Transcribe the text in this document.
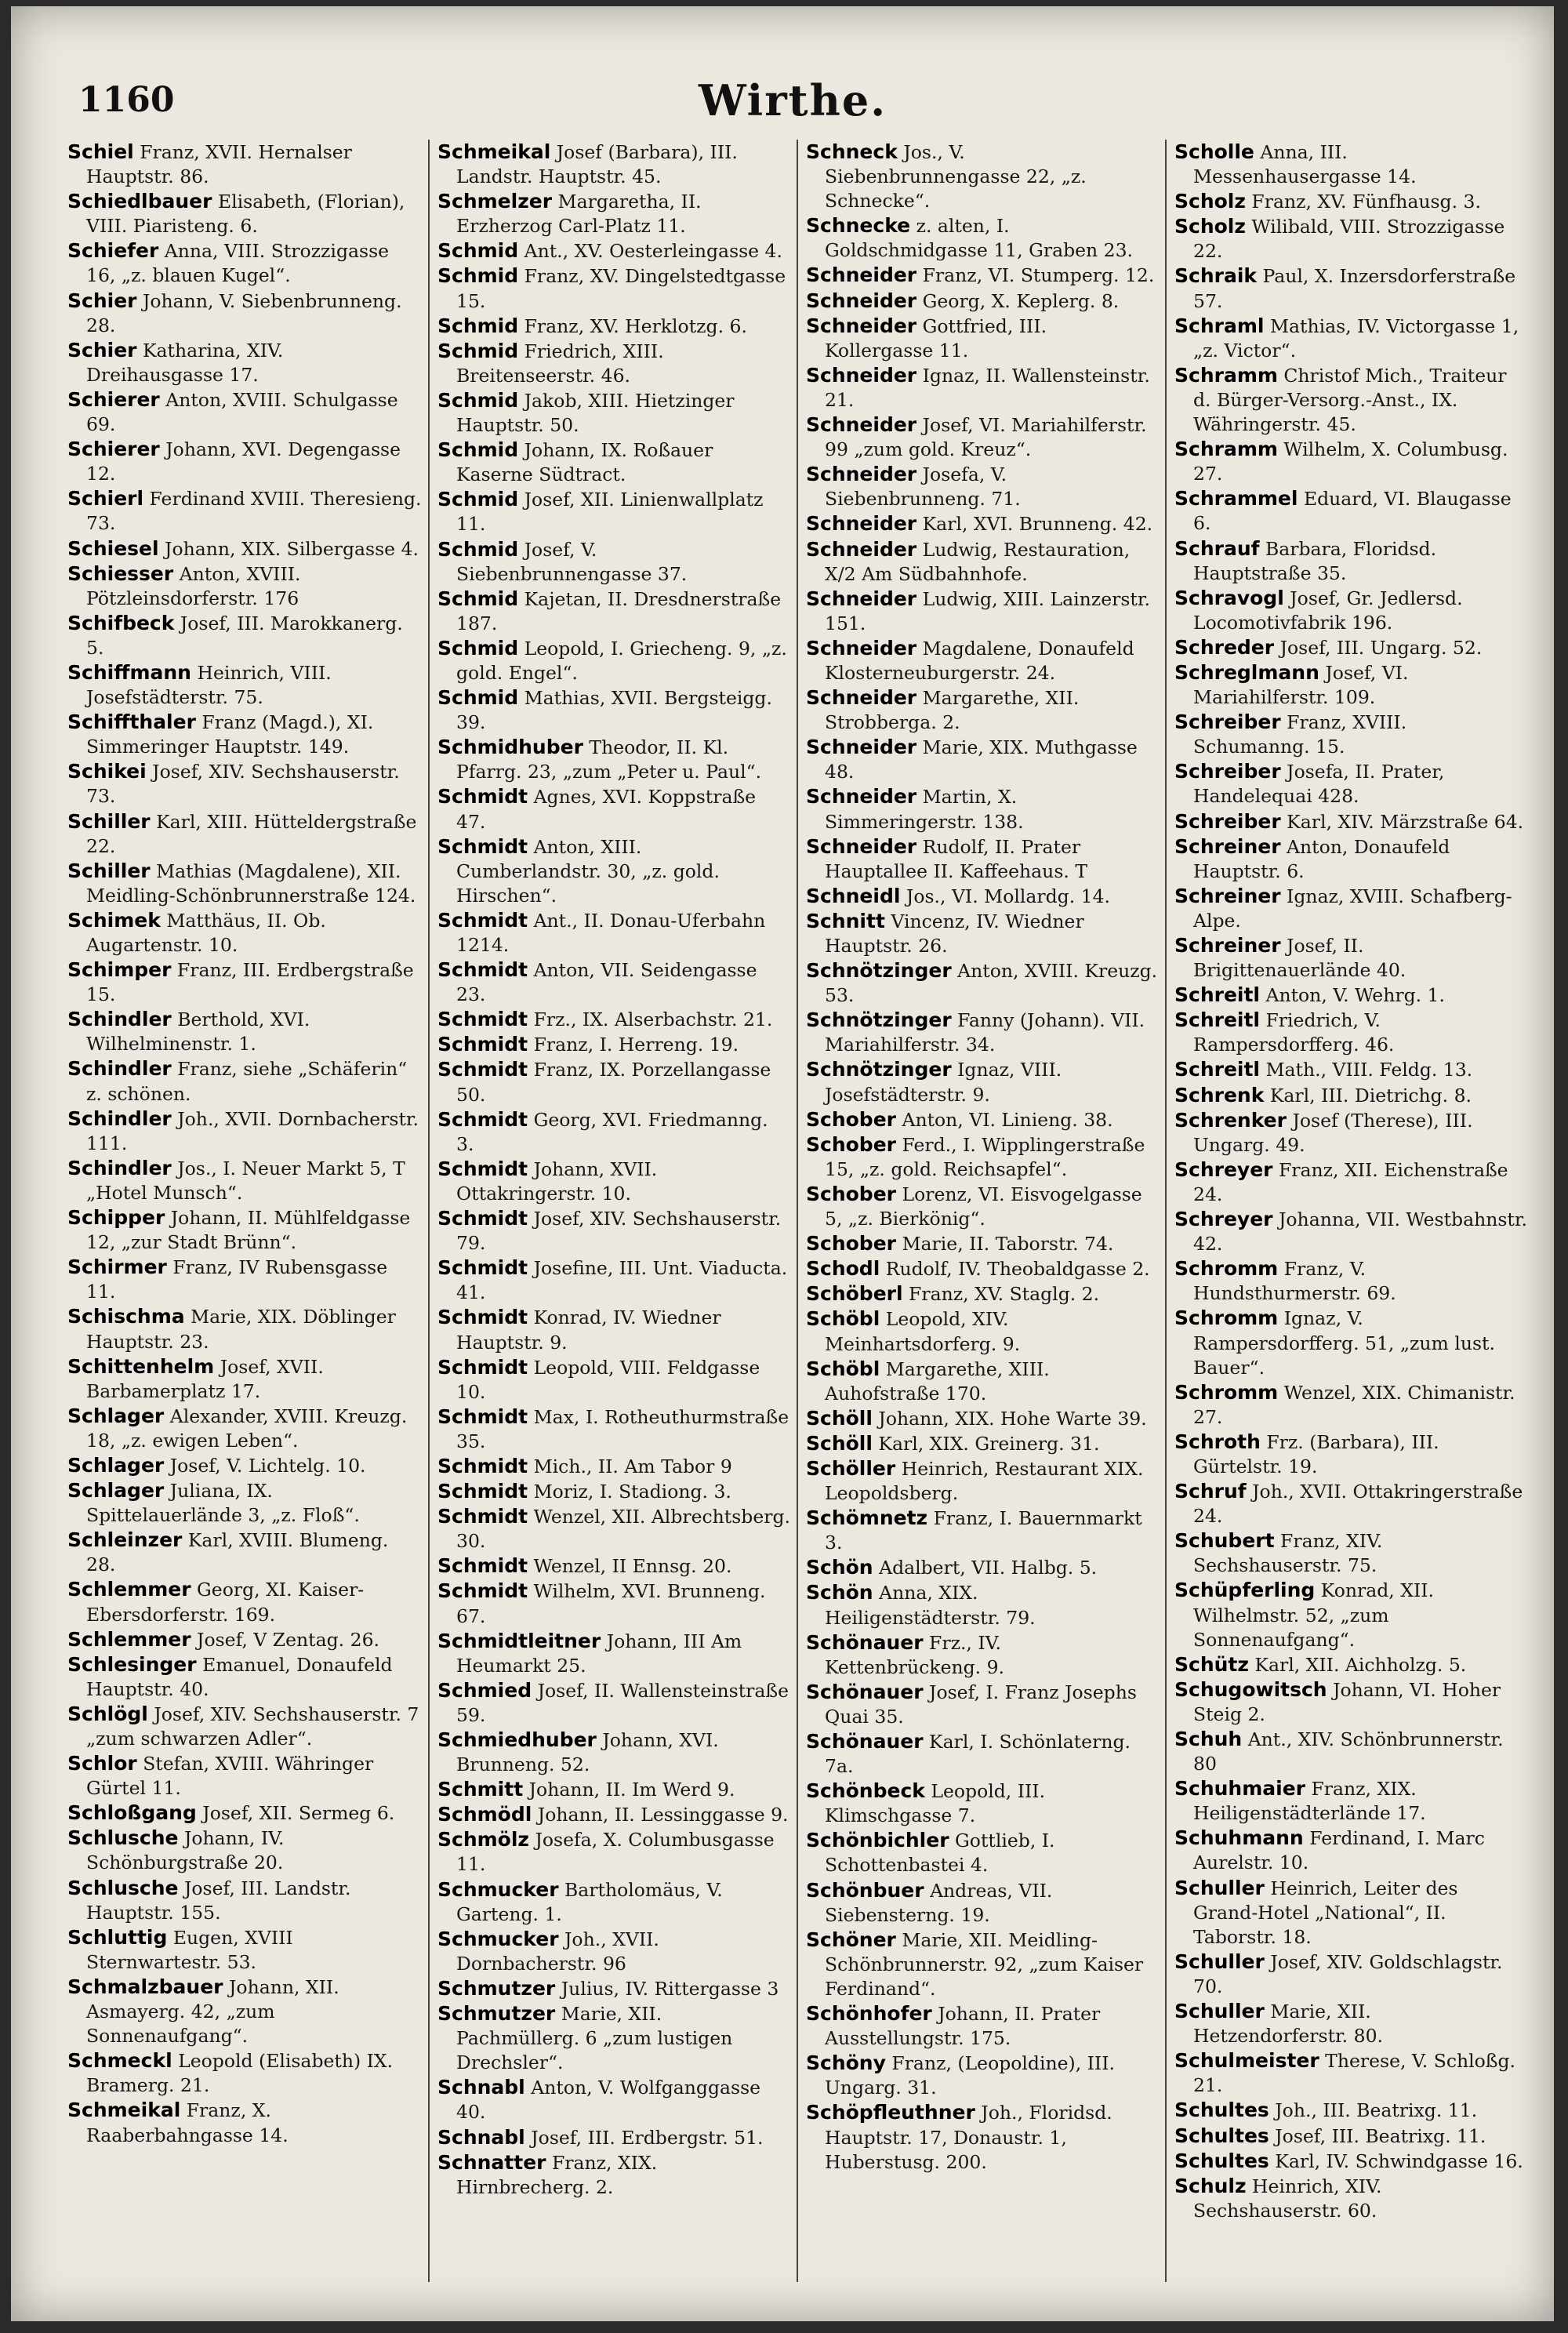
1160	Wirthe.

Schiel Franz, XVII. Hernalser Hauptstr. 86.

Schiedlbauer Elisabeth, (Florian), VIII. Piaristeng. 6.

Schiefer Anna, VIII. Strozzigasse 16, „z. blauen Kugel“.

Schier Johann, V. Siebenbrunneng. 28.

Schier Katharina, XIV. Dreihausgasse 17.

Schierer Anton, XVIII. Schulgasse 69.

Schierer Johann, XVI. Degengasse 12.

Schierl Ferdinand XVIII. Theresieng. 73.

Schiesel Johann, XIX. Silbergasse 4.

Schiesser Anton, XVIII. Pötzleinsdorferstr. 176

Schifbeck Josef, III. Marokkanerg. 5.

Schiffmann Heinrich, VIII. Josefstädterstr. 75.

Schiffthaler Franz (Magd.), XI. Simmeringer Hauptstr. 149.

Schikei Josef, XIV. Sechshauserstr. 73.

Schiller Karl, XIII. Hütteldergstraße 22.

Schiller Mathias (Magdalene), XII. Meidling-Schönbrunnerstraße 124.

Schimek Matthäus, II. Ob. Augartenstr. 10.

Schimper Franz, III. Erdbergstraße 15.

Schindler Berthold, XVI. Wilhelminenstr. 1.

Schindler Franz, siehe „Schäferin“ z. schönen.

Schindler Joh., XVII. Dornbacherstr. 111.

Schindler Jos., I. Neuer Markt 5, T „Hotel Munsch“.

Schipper Johann, II. Mühlfeldgasse 12, „zur Stadt Brünn“.

Schirmer Franz, IV Rubensgasse 11.

Schischma Marie, XIX. Döblinger Hauptstr. 23.

Schittenhelm Josef, XVII. Barbamerplatz 17.

Schlager Alexander, XVIII. Kreuzg. 18, „z. ewigen Leben“.

Schlager Josef, V. Lichtelg. 10.

Schlager Juliana, IX. Spittelauerlände 3, „z. Floß“.

Schleinzer Karl, XVIII. Blumeng. 28.

Schlemmer Georg, XI. Kaiser-Ebersdorferstr. 169.

Schlemmer Josef, V Zentag. 26.

Schlesinger Emanuel, Donaufeld Hauptstr. 40.

Schlögl Josef, XIV. Sechshauserstr. 7 „zum schwarzen Adler“.

Schlor Stefan, XVIII. Währinger Gürtel 11.

Schloßgang Josef, XII. Sermeg 6.

Schlusche Johann, IV. Schönburgstraße 20.

Schlusche Josef, III. Landstr. Hauptstr. 155.

Schluttig Eugen, XVIII Sternwartestr. 53.

Schmalzbauer Johann, XII. Asmayerg. 42, „zum Sonnenaufgang“.

Schmeckl Leopold (Elisabeth) IX. Bramerg. 21.

Schmeikal Franz, X. Raaberbahngasse 14.

Schmeikal Josef (Barbara), III. Landstr. Hauptstr. 45.

Schmelzer Margaretha, II. Erzherzog Carl-Platz 11.

Schmid Ant., XV. Oesterleingasse 4.

Schmid Franz, XV. Dingelstedtgasse 15.

Schmid Franz, XV. Herklotzg. 6.

Schmid Friedrich, XIII. Breitenseerstr. 46.

Schmid Jakob, XIII. Hietzinger Hauptstr. 50.

Schmid Johann, IX. Roßauer Kaserne Südtract.

Schmid Josef, XII. Linienwallplatz 11.

Schmid Josef, V. Siebenbrunnengasse 37.

Schmid Kajetan, II. Dresdnerstraße 187.

Schmid Leopold, I. Griecheng. 9, „z. gold. Engel“.

Schmid Mathias, XVII. Bergsteigg. 39.

Schmidhuber Theodor, II. Kl. Pfarrg. 23, „zum „Peter u. Paul“.

Schmidt Agnes, XVI. Koppstraße 47.

Schmidt Anton, XIII. Cumberlandstr. 30, „z. gold. Hirschen“.

Schmidt Ant., II. Donau-Uferbahn 1214.

Schmidt Anton, VII. Seidengasse 23.

Schmidt Frz., IX. Alserbachstr. 21.

Schmidt Franz, I. Herreng. 19.

Schmidt Franz, IX. Porzellangasse 50.

Schmidt Georg, XVI. Friedmanng. 3.

Schmidt Johann, XVII. Ottakringerstr. 10.

Schmidt Josef, XIV. Sechshauserstr. 79.

Schmidt Josefine, III. Unt. Viaducta. 41.

Schmidt Konrad, IV. Wiedner Hauptstr. 9.

Schmidt Leopold, VIII. Feldgasse 10.

Schmidt Max, I. Rotheuthurmstraße 35.

Schmidt Mich., II. Am Tabor 9

Schmidt Moriz, I. Stadiong. 3.

Schmidt Wenzel, XII. Albrechtsberg. 30.

Schmidt Wenzel, II Ennsg. 20.

Schmidt Wilhelm, XVI. Brunneng. 67.

Schmidtleitner Johann, III Am Heumarkt 25.

Schmied Josef, II. Wallensteinstraße 59.

Schmiedhuber Johann, XVI. Brunneng. 52.

Schmitt Johann, II. Im Werd 9.

Schmödl Johann, II. Lessinggasse 9.

Schmölz Josefa, X. Columbusgasse 11.

Schmucker Bartholomäus, V. Garteng. 1.

Schmucker Joh., XVII. Dornbacherstr. 96

Schmutzer Julius, IV. Rittergasse 3

Schmutzer Marie, XII. Pachmüllerg. 6 „zum lustigen Drechsler“.

Schnabl Anton, V. Wolfganggasse 40.

Schnabl Josef, III. Erdbergstr. 51.

Schnatter Franz, XIX. Hirnbrecherg. 2.

Schneck Jos., V. Siebenbrunnengasse 22, „z. Schnecke“.

Schnecke z. alten, I. Goldschmidgasse 11, Graben 23.

Schneider Franz, VI. Stumperg. 12.

Schneider Georg, X. Keplerg. 8.

Schneider Gottfried, III. Kollergasse 11.

Schneider Ignaz, II. Wallensteinstr. 21.

Schneider Josef, VI. Mariahilferstr. 99 „zum gold. Kreuz“.

Schneider Josefa, V. Siebenbrunneng. 71.

Schneider Karl, XVI. Brunneng. 42.

Schneider Ludwig, Restauration, X/2 Am Südbahnhofe.

Schneider Ludwig, XIII. Lainzerstr. 151.

Schneider Magdalene, Donaufeld Klosterneuburgerstr. 24.

Schneider Margarethe, XII. Strobberga. 2.

Schneider Marie, XIX. Muthgasse 48.

Schneider Martin, X. Simmeringerstr. 138.

Schneider Rudolf, II. Prater Hauptallee II. Kaffeehaus. T

Schneidl Jos., VI. Mollardg. 14.

Schnitt Vincenz, IV. Wiedner Hauptstr. 26.

Schnötzinger Anton, XVIII. Kreuzg. 53.

Schnötzinger Fanny (Johann). VII. Mariahilferstr. 34.

Schnötzinger Ignaz, VIII. Josefstädterstr. 9.

Schober Anton, VI. Linieng. 38.

Schober Ferd., I. Wipplingerstraße 15, „z. gold. Reichsapfel“.

Schober Lorenz, VI. Eisvogelgasse 5, „z. Bierkönig“.

Schober Marie, II. Taborstr. 74.

Schodl Rudolf, IV. Theobaldgasse 2.

Schöberl Franz, XV. Staglg. 2.

Schöbl Leopold, XIV. Meinhartsdorferg. 9.

Schöbl Margarethe, XIII. Auhofstraße 170.

Schöll Johann, XIX. Hohe Warte 39.

Schöll Karl, XIX. Greinerg. 31.

Schöller Heinrich, Restaurant XIX. Leopoldsberg.

Schömnetz Franz, I. Bauernmarkt 3.

Schön Adalbert, VII. Halbg. 5.

Schön Anna, XIX. Heiligenstädterstr. 79.

Schönauer Frz., IV. Kettenbrückeng. 9.

Schönauer Josef, I. Franz Josephs Quai 35.

Schönauer Karl, I. Schönlaterng. 7a.

Schönbeck Leopold, III. Klimschgasse 7.

Schönbichler Gottlieb, I. Schottenbastei 4.

Schönbuer Andreas, VII. Siebensterng. 19.

Schöner Marie, XII. Meidling-Schönbrunnerstr. 92, „zum Kaiser Ferdinand“.

Schönhofer Johann, II. Prater Ausstellungstr. 175.

Schöny Franz, (Leopoldine), III. Ungarg. 31.

Schöpfleuthner Joh., Floridsd. Hauptstr. 17, Donaustr. 1, Huberstusg. 200.

Scholle Anna, III. Messenhausergasse 14.

Scholz Franz, XV. Fünfhausg. 3.

Scholz Wilibald, VIII. Strozzigasse 22.

Schraik Paul, X. Inzersdorferstraße 57.

Schraml Mathias, IV. Victorgasse 1, „z. Victor“.

Schramm Christof Mich., Traiteur d. Bürger-Versorg.-Anst., IX. Währingerstr. 45.

Schramm Wilhelm, X. Columbusg. 27.

Schrammel Eduard, VI. Blaugasse 6.

Schrauf Barbara, Floridsd. Hauptstraße 35.

Schravogl Josef, Gr. Jedlersd. Locomotivfabrik 196.

Schreder Josef, III. Ungarg. 52.

Schreglmann Josef, VI. Mariahilferstr. 109.

Schreiber Franz, XVIII. Schumanng. 15.

Schreiber Josefa, II. Prater, Handelequai 428.

Schreiber Karl, XIV. Märzstraße 64.

Schreiner Anton, Donaufeld Hauptstr. 6.

Schreiner Ignaz, XVIII. Schafberg-Alpe.

Schreiner Josef, II. Brigittenauerlände 40.

Schreitl Anton, V. Wehrg. 1.

Schreitl Friedrich, V. Rampersdorfferg. 46.

Schreitl Math., VIII. Feldg. 13.

Schrenk Karl, III. Dietrichg. 8.

Schrenker Josef (Therese), III. Ungarg. 49.

Schreyer Franz, XII. Eichenstraße 24.

Schreyer Johanna, VII. Westbahnstr. 42.

Schromm Franz, V. Hundsthurmerstr. 69.

Schromm Ignaz, V. Rampersdorfferg. 51, „zum lust. Bauer“.

Schromm Wenzel, XIX. Chimanistr. 27.

Schroth Frz. (Barbara), III. Gürtelstr. 19.

Schruf Joh., XVII. Ottakringerstraße 24.

Schubert Franz, XIV. Sechshauserstr. 75.

Schüpferling Konrad, XII. Wilhelmstr. 52, „zum Sonnenaufgang“.

Schütz Karl, XII. Aichholzg. 5.

Schugowitsch Johann, VI. Hoher Steig 2.

Schuh Ant., XIV. Schönbrunnerstr. 80

Schuhmaier Franz, XIX. Heiligenstädterlände 17.

Schuhmann Ferdinand, I. Marc Aurelstr. 10.

Schuller Heinrich, Leiter des Grand-Hotel „National“, II. Taborstr. 18.

Schuller Josef, XIV. Goldschlagstr. 70.

Schuller Marie, XII. Hetzendorferstr. 80.

Schulmeister Therese, V. Schloßg. 21.

Schultes Joh., III. Beatrixg. 11.

Schultes Josef, III. Beatrixg. 11.

Schultes Karl, IV. Schwindgasse 16.

Schulz Heinrich, XIV. Sechshauserstr. 60.
